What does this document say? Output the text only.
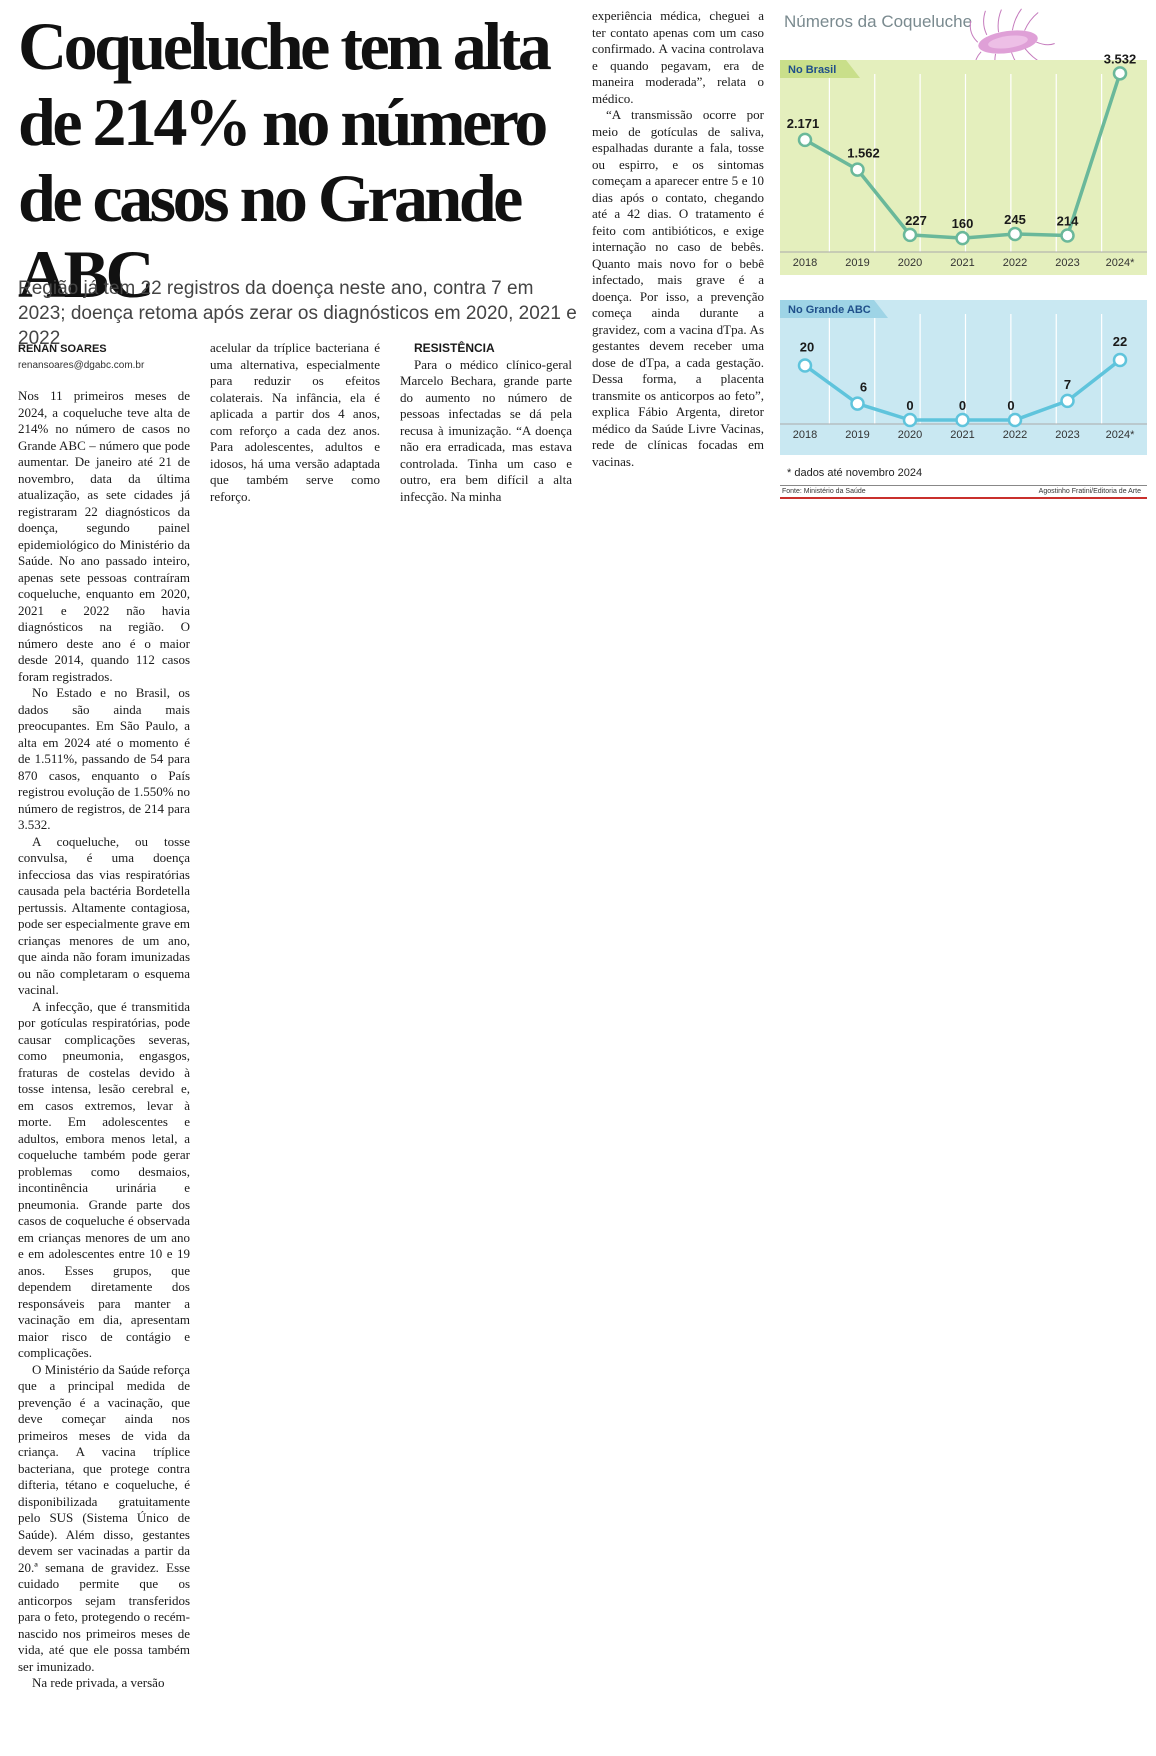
Coqueluche tem alta de 214% no número de casos no Grande ABC

Região já tem 22 registros da doença neste ano, contra 7 em 2023; doença retoma após zerar os diagnósticos em 2020, 2021 e 2022

RENAN SOARES
renansoares@dgabc.com.br

Nos 11 primeiros meses de 2024, a coqueluche teve alta de 214% no número de casos no Grande ABC – número que pode aumentar. De janeiro até 21 de novembro, data da última atualização, as sete cidades já registraram 22 diagnósticos da doença, segundo painel epidemiológico do Ministério da Saúde. No ano passado inteiro, apenas sete pessoas contraíram coqueluche, enquanto em 2020, 2021 e 2022 não havia diagnósticos na região. O número deste ano é o maior desde 2014, quando 112 casos foram registrados.

No Estado e no Brasil, os dados são ainda mais preocupantes. Em São Paulo, a alta em 2024 até o momento é de 1.511%, passando de 54 para 870 casos, enquanto o País registrou evolução de 1.550% no número de registros, de 214 para 3.532.

A coqueluche, ou tosse convulsa, é uma doença infecciosa das vias respiratórias causada pela bactéria Bordetella pertussis. Altamente contagiosa, pode ser especialmente grave em crianças menores de um ano, que ainda não foram imunizadas ou não completaram o esquema vacinal.

A infecção, que é transmitida por gotículas respiratórias, pode causar complicações severas, como pneumonia, engasgos, fraturas de costelas devido à tosse intensa, lesão cerebral e, em casos extremos, levar à morte. Em adolescentes e adultos, embora menos letal, a coqueluche também pode gerar problemas como desmaios, incontinência urinária e pneumonia. Grande parte dos casos de coqueluche é observada em crianças menores de um ano e em adolescentes entre 10 e 19 anos. Esses grupos, que dependem diretamente dos responsáveis para manter a vacinação em dia, apresentam maior risco de contágio e complicações.

O Ministério da Saúde reforça que a principal medida de prevenção é a vacinação, que deve começar ainda nos primeiros meses de vida da criança. A vacina tríplice bacteriana, que protege contra difteria, tétano e coqueluche, é disponibilizada gratuitamente pelo SUS (Sistema Único de Saúde). Além disso, gestantes devem ser vacinadas a partir da 20.ª semana de gravidez. Esse cuidado permite que os anticorpos sejam transferidos para o feto, protegendo o recém-nascido nos primeiros meses de vida, até que ele possa também ser imunizado.

Na rede privada, a versão

acelular da tríplice bacteriana é uma alternativa, especialmente para reduzir os efeitos colaterais. Na infância, ela é aplicada a partir dos 4 anos, com reforço a cada dez anos. Para adolescentes, adultos e idosos, há uma versão adaptada que também serve como reforço.

RESISTÊNCIA

Para o médico clínico-geral Marcelo Bechara, grande parte do aumento no número de pessoas infectadas se dá pela recusa à imunização. “A doença não era erradicada, mas estava controlada. Tinha um caso e outro, era bem difícil a alta infecção. Na minha

experiência médica, cheguei a ter contato apenas com um caso confirmado. A vacina controlava e quando pegavam, era de maneira moderada”, relata o médico.

“A transmissão ocorre por meio de gotículas de saliva, espalhadas durante a fala, tosse ou espirro, e os sintomas começam a aparecer entre 5 e 10 dias após o contato, chegando até a 42 dias. O tratamento é feito com antibióticos, e exige internação no caso de bebês. Quanto mais novo for o bebê infectado, mais grave é a doença. Por isso, a prevenção começa ainda durante a gravidez, com a vacina dTpa. As gestantes devem receber uma dose de dTpa, a cada gestação. Dessa forma, a placenta transmite os anticorpos ao feto”, explica Fábio Argenta, diretor médico da Saúde Livre Vacinas, rede de clínicas focadas em vacinas.

Números da Coqueluche
No Brasil
2.171
2018
1.562
2019
227
2020
160
2021
245
2022
214
2023
3.532
2024*
No Grande ABC
20
2018
6
2019
0
2020
0
2021
0
2022
7
2023
22
2024*
* dados até novembro 2024
Fonte: Ministério da Saúde	Agostinho Fratini/Editoria de Arte
